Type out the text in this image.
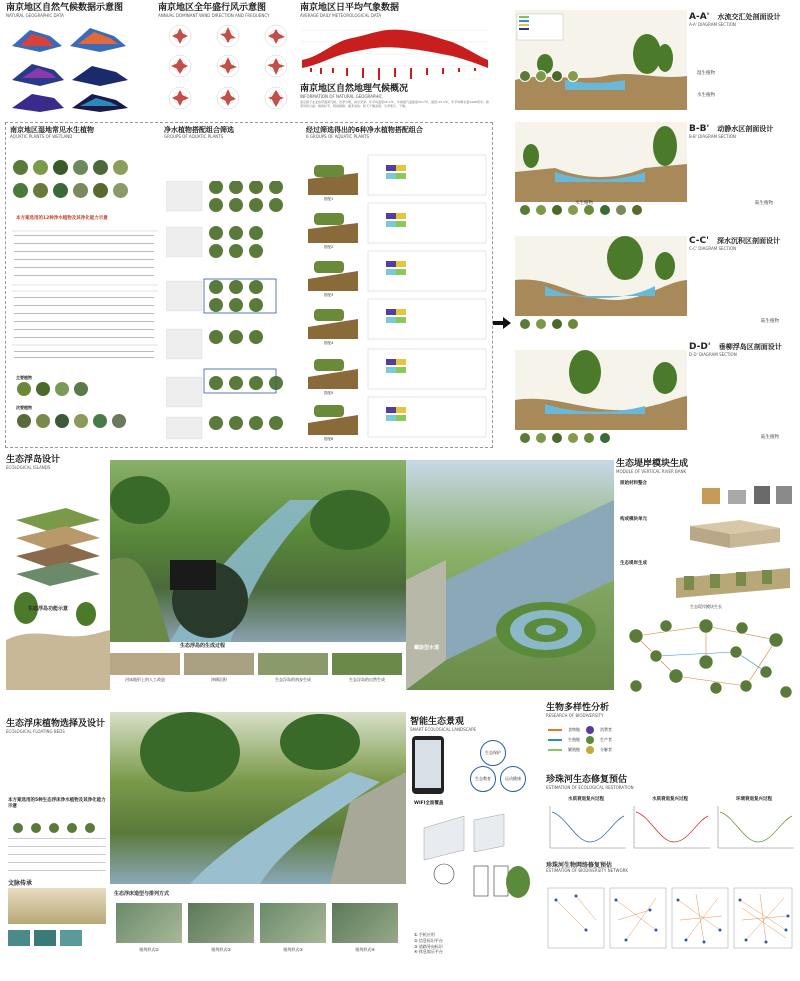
南京地区自然气候数据示意图
NATURAL GEOGRAPHIC DATA
南京地区全年盛行风示意图
ANNUAL DOMINANT WIND DIRECTION AND FREQUENCY
南京地区日平均气象数据
AVERAGE DAILY METEOROLOGICAL DATA
南京地区自然地理气候概况
INFORMATION OF NATURAL GEOGRAPHIC
南京属于北亚热带湿润气候，四季分明，雨水充沛。年平均温度15.4℃，年极端气温最高39.7℃，最低-13.1℃，年平均降水量1106毫米。春季风和日丽；梅雨时节，阴雨绵绵；夏季炎热；秋天干燥凉爽；冬季寒冷、干燥。
南京地区湿地常见水生植物
AQUATIC PLANTS OF WETLAND
本方案选用的12种净水植物及其净化能力示意
主要植物
次要植物
净水植物搭配组合筛选
GROUPS OF AQUATIC PLANTS
经过筛选得出的6种净水植物搭配组合
6 GROUPS OF AQUATIC PLANTS
搭配1
搭配2
搭配3
搭配4
搭配5
搭配6
A-A' 水流交汇处剖面设计
A-A' DIAGRAM SECTION
湿生植物
水生植物
B-B' 动静水区剖面设计
B-B' DIAGRAM SECTION
水生植物	陆生植物
C-C' 深水沉积区剖面设计
C-C' DIAGRAM SECTION
陆生植物
D-D' 垂柳浮岛区剖面设计
D-D' DIAGRAM SECTION
陆生植物
生态浮岛设计
ECOLOGICAL ISLANDS
生态浮岛功能示意
螺旋型水道
生态浮岛的生成过程
河床地形上的人工改造	冲刷沉积	生态浮岛的初步生成	生态浮岛的自然生成
生态堤岸模块生成
MODULE OF VERTICAL RIVER BANK
原始材料整合
构成模块单元
生态堤岸生成
生态堤岸模块生长
生态浮床植物选择及设计
ECOLOGICAL FLOATING BEDS
本方案选用的5种生态浮床净水植物及其净化能力示意
文脉传承
生态浮床造型与排列方式
排列形式①	排列形式②	排列形式③	排列形式④
智能生态景观
SMART ECOLOGICAL LANDSCAPE
生态保护
生态教育	运动健康
WIFI全面覆盖
① 手机应用
② 信息标识平台
③ 道路导向标识
④ 休息娱乐平台
生物多样性分析
RESEARCH OF BIODIVERSITY
食物链	消费者
生殖链	生产者
繁殖链	分解者
珍珠河生态修复预估
ESTIMATION OF ECOLOGICAL RESTORATION
水质衰退复兴过程	水质衰退复兴过程	环境衰退复兴过程
珍珠河生物网络修复预估
ESTIMATION OF BIODIVERSITY NETWORK
